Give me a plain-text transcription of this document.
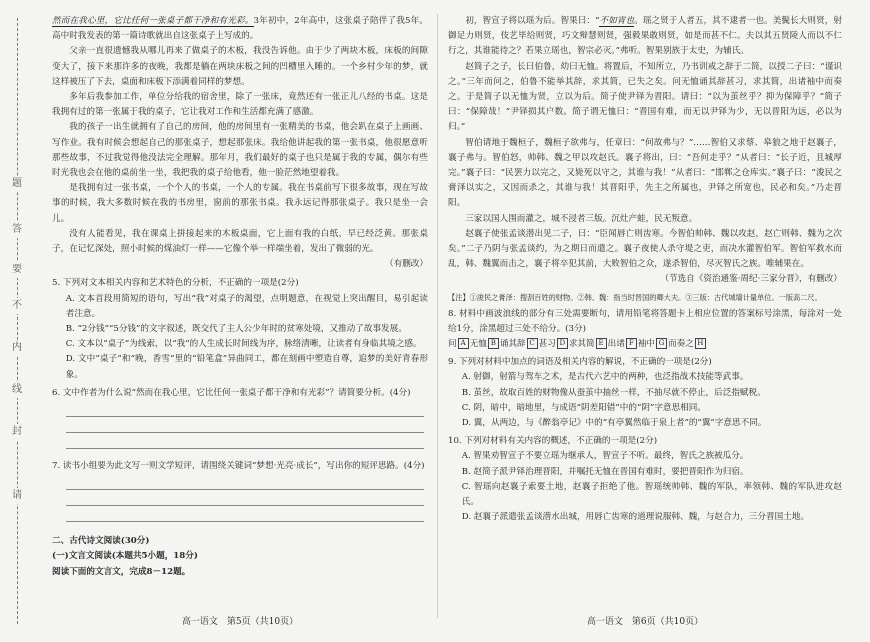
题
答
要
不
内
线
封
请

然而在我心里，它比任何一张桌子都干净和有光彩。3年初中，2年高中，这张桌子陪伴了我5年。高中时我发表的第一篇诗歌就出自这张桌子上写成的。

父亲一直很遗憾我从哪儿再来了做桌子的木板，我没告诉他。由于少了两块木板，床板的间隙变大了，接下来那许多的夜晚，我都是躺在两块床板之间的凹槽里入睡的。一个乡村少年的梦，就这样被压了下去，桌面和床板下添满着同样的梦想。

多年后我参加工作，单位分给我的宿舍里，除了一张床，竟然还有一张正儿八经的书桌。这是我拥有过的第一张属于我的桌子，它让我对工作和生活都充满了感激。

我的孩子一出生就拥有了自己的房间，他的房间里有一张精美的书桌，他会趴在桌子上画画、写作业。我有时候会想起自己的那张桌子，想起那张床。我给他讲起我的第一张书桌，他很愿意听那些故事，不过我觉得他没法完全理解。那年月，我们最好的桌子也只是属于我的专属，偶尔有些时光我也会在他的桌前坐一坐，我把我的桌子给他看，他一脸茫然地望着我。

是我拥有过一张书桌，一个个人的书桌，一个人的专属。我在书桌前写下很多故事，现在写故事的时候，我大多数时候在我的书房里，窗前的那张书桌。我永远记得那张桌子。我只是坐一会儿。

没有人能看见，我在课桌上拼接起来的木板桌面，它上面有我的白纸，早已经泛黄。那张桌子，在记忆深处，照小时候的煤油灯一样——它像个举一样端坐着，发出了微弱的光。

（有删改）

5. 下列对文本相关内容和艺术特色的分析，不正确的一项是(2分)

A. 文本首段用简短的语句，写出“我”对桌子的渴望，点明题意，在视觉上突出醒目，易引起读者注意。

B. “2分钱”“5分钱”的文字叙述，既交代了主人公少年时的贫寒处境，又推动了故事发展。

C. 文本以“桌子”为线索，以“我”的人生成长时间线为序，脉络清晰，让读者有身临其境之感。

D. 文中“桌子”和“晚，香雪”里的“铅笔盒”异曲同工，都在刻画中塑造自尊，追梦的美好青春形象。

6. 文中作者为什么说“然而在我心里，它比任何一张桌子都干净和有光彩”？请简要分析。(4分)

7. 读书小组要为此文写一则文学短评，请围绕关键词“梦想·光亮·成长”，写出你的短评思路。(4分)

二、古代诗文阅读(30分)

(一)文言文阅读(本题共5小题，18分)

阅读下面的文言文，完成8－12题。

高一语文　第5页（共10页）

初，智宣子将以瑶为后。智果曰：“不如宵也。瑶之贤于人者五，其不逮者一也。美鬓长大则贤，射御足力则贤，伎艺毕给则贤，巧文辩慧则贤，强毅果敢则贤，如是而甚不仁。夫以其五贤陵人而以不仁行之，其谁能待之？若果立瑶也，智宗必灭。”弗听。智果别族于太史，为辅氏。

赵简子之子，长曰伯鲁，幼曰无恤。将置后，不知所立，乃书训戒之辞于二简，以授二子曰：“谨识之。”三年而问之，伯鲁不能举其辞，求其简，已失之矣。问无恤诵其辞甚习，求其简，出诸袖中而奏之。于是简子以无恤为贤，立以为后。简子使尹铎为晋阳。请曰：“以为茧丝乎？抑为保障乎？”简子曰：“保障哉！”尹铎损其户数。简子谓无恤曰：“晋国有难，而无以尹铎为少，无以晋阳为远，必以为归。”

智伯请地于魏桓子，魏桓子欲弗与，任章曰：“何故弗与？”……智伯又求蔡、皋狼之地于赵襄子，襄子弗与。智伯怒，帅韩、魏之甲以攻赵氏。襄子将出，曰：“吾何走乎？”从者曰：“长子近，且城厚完。”襄子曰：“民罢力以完之，又毙死以守之，其谁与我！”从者曰：“邯郸之仓库实。”襄子曰：“浚民之膏泽以实之，又因而杀之，其谁与我！其晋阳乎，先主之所属也，尹铎之所宽也，民必和矣。”乃走晋阳。

三家以国人围而灌之，城不浸者三版。沉灶产蛙，民无叛意。

赵襄子使张孟谈潜出见二子，曰：“臣闻唇亡则齿寒。今智伯帅韩、魏以攻赵，赵亡则韩、魏为之次矣。”二子乃阴与张孟谈约，为之期日而遣之。襄子夜使人杀守堤之吏，而决水灌智伯军。智伯军救水而乱，韩、魏翼而击之，襄子将卒犯其前，大败智伯之众，遂杀智伯，尽灭智氏之族。唯辅果在。

（节选自《资治通鉴·周纪·三家分晋》，有删改）

【注】①浚民之膏泽：搜刮百姓的财物。②韩、魏：指当时晋国的卿大夫。③三版：古代城墙计量单位。一版高二尺。

8. 材料中画波浪线的部分有三处需要断句，请用铅笔将答题卡上相应位置的答案标号涂黑，每涂对一处给1分，涂黑超过三处不给分。(3分)

问 A 无恤 B 诵其辞 C 甚习 D 求其简 E 出诸 F 袖中 G 而奏之 H

9. 下列对材料中加点的词语及相关内容的解说，不正确的一项是(2分)

A. 射御，射箭与驾车之术，是古代六艺中的两种，也泛指战术技能等武事。

B. 茧丝，故取百姓的财物像从蚕茧中抽丝一样，不抽尽就不停止，后泛指赋税。

C. 阴，暗中，暗地里，与成语“阴差阳错”中的“阴”字意思相同。

D. 翼，从两边，与《醉翁亭记》中的“有亭翼然临于泉上者”的“翼”字意思不同。

10. 下列对材料有关内容的概述，不正确的一项是(2分)

A. 智果劝智宣子不要立瑶为继承人，智宣子不听。最终，智氏之族被瓜分。

B. 赵简子派尹铎治理晋阳，并嘱托无恤在晋国有难时，要把晋阳作为归宿。

C. 智瑶向赵襄子索要土地，赵襄子拒绝了他。智瑶统帅韩、魏的军队，率领韩、魏的军队进攻赵氏。

D. 赵襄子派遣张孟谈潜水出城，用唇亡齿寒的道理说服韩、魏，与赵合力，三分晋国土地。

高一语文　第6页（共10页）
